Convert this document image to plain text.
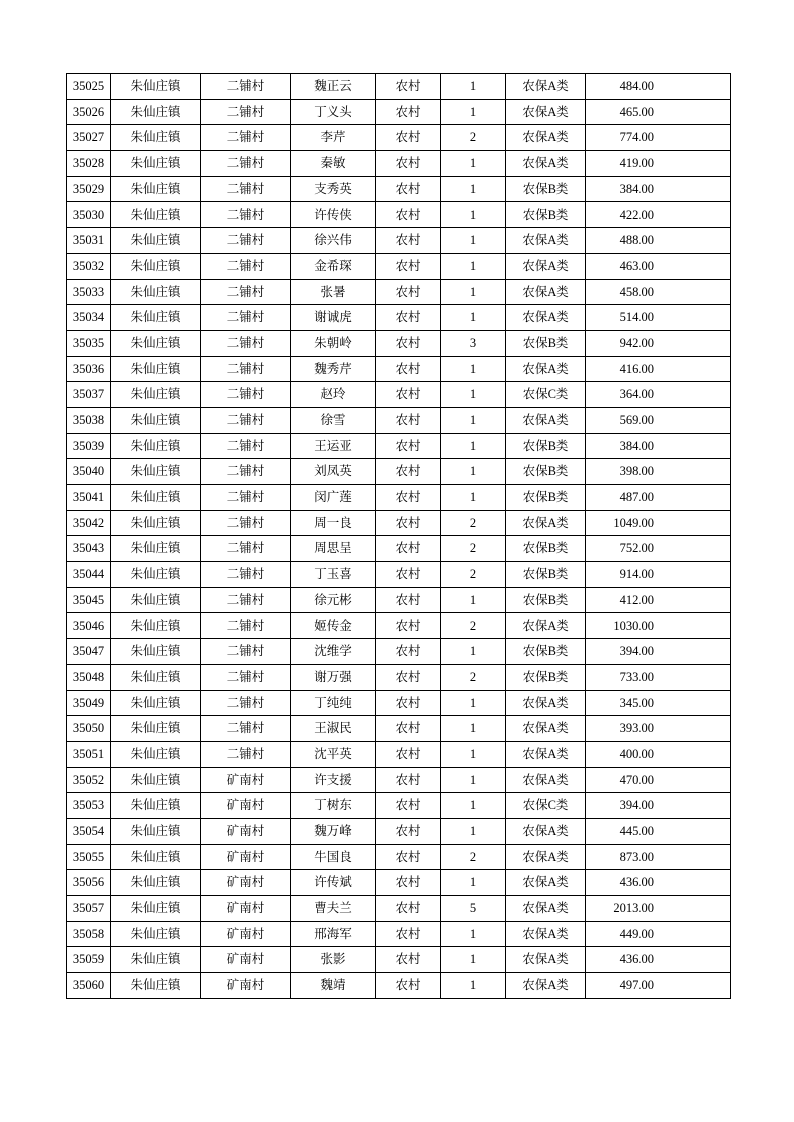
35025	朱仙庄镇	二铺村	魏正云	农村	1	农保A类	484.00
35026	朱仙庄镇	二铺村	丁义头	农村	1	农保A类	465.00
35027	朱仙庄镇	二铺村	李芹	农村	2	农保A类	774.00
35028	朱仙庄镇	二铺村	秦敏	农村	1	农保A类	419.00
35029	朱仙庄镇	二铺村	支秀英	农村	1	农保B类	384.00
35030	朱仙庄镇	二铺村	许传侠	农村	1	农保B类	422.00
35031	朱仙庄镇	二铺村	徐兴伟	农村	1	农保A类	488.00
35032	朱仙庄镇	二铺村	金希琛	农村	1	农保A类	463.00
35033	朱仙庄镇	二铺村	张暑	农村	1	农保A类	458.00
35034	朱仙庄镇	二铺村	谢诚虎	农村	1	农保A类	514.00
35035	朱仙庄镇	二铺村	朱朝岭	农村	3	农保B类	942.00
35036	朱仙庄镇	二铺村	魏秀芹	农村	1	农保A类	416.00
35037	朱仙庄镇	二铺村	赵玲	农村	1	农保C类	364.00
35038	朱仙庄镇	二铺村	徐雪	农村	1	农保A类	569.00
35039	朱仙庄镇	二铺村	王运亚	农村	1	农保B类	384.00
35040	朱仙庄镇	二铺村	刘凤英	农村	1	农保B类	398.00
35041	朱仙庄镇	二铺村	闵广莲	农村	1	农保B类	487.00
35042	朱仙庄镇	二铺村	周一良	农村	2	农保A类	1049.00
35043	朱仙庄镇	二铺村	周思呈	农村	2	农保B类	752.00
35044	朱仙庄镇	二铺村	丁玉喜	农村	2	农保B类	914.00
35045	朱仙庄镇	二铺村	徐元彬	农村	1	农保B类	412.00
35046	朱仙庄镇	二铺村	姬传金	农村	2	农保A类	1030.00
35047	朱仙庄镇	二铺村	沈维学	农村	1	农保B类	394.00
35048	朱仙庄镇	二铺村	谢万强	农村	2	农保B类	733.00
35049	朱仙庄镇	二铺村	丁纯纯	农村	1	农保A类	345.00
35050	朱仙庄镇	二铺村	王淑民	农村	1	农保A类	393.00
35051	朱仙庄镇	二铺村	沈平英	农村	1	农保A类	400.00
35052	朱仙庄镇	矿南村	许支援	农村	1	农保A类	470.00
35053	朱仙庄镇	矿南村	丁树东	农村	1	农保C类	394.00
35054	朱仙庄镇	矿南村	魏万峰	农村	1	农保A类	445.00
35055	朱仙庄镇	矿南村	牛国良	农村	2	农保A类	873.00
35056	朱仙庄镇	矿南村	许传斌	农村	1	农保A类	436.00
35057	朱仙庄镇	矿南村	曹夫兰	农村	5	农保A类	2013.00
35058	朱仙庄镇	矿南村	邢海军	农村	1	农保A类	449.00
35059	朱仙庄镇	矿南村	张影	农村	1	农保A类	436.00
35060	朱仙庄镇	矿南村	魏靖	农村	1	农保A类	497.00
